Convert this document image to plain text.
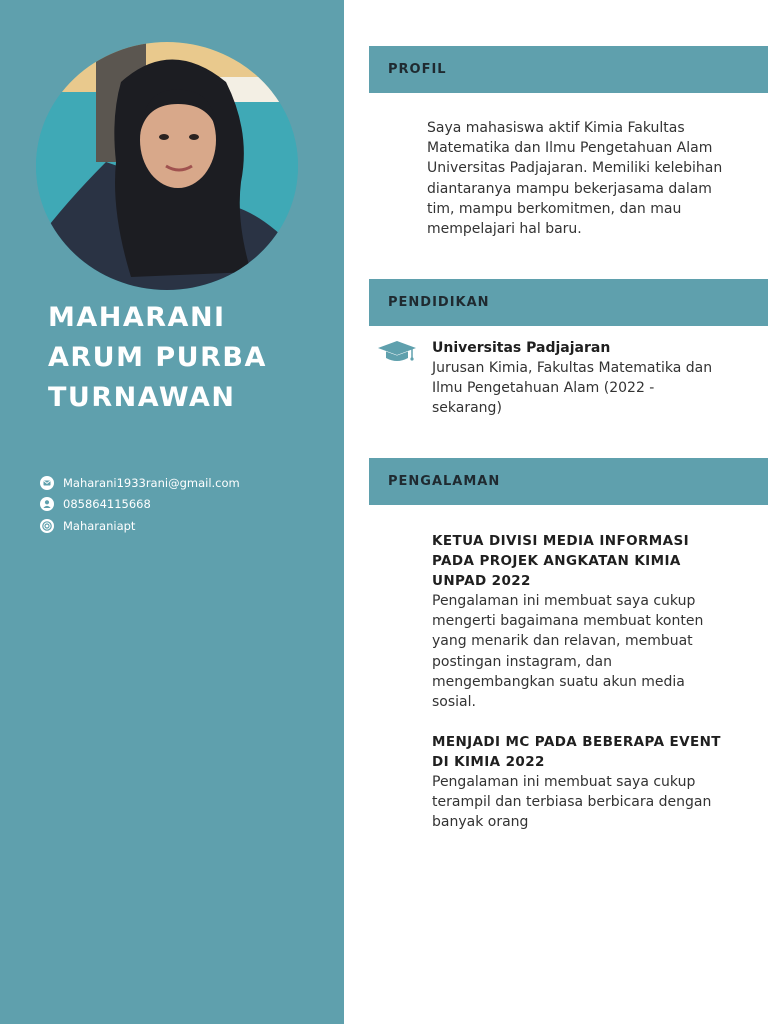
MAHARANI
ARUM PURBA
TURNAWAN
Maharani1933rani@gmail.com
085864115668
Maharaniapt
PROFIL

Saya mahasiswa aktif Kimia Fakultas Matematika dan Ilmu Pengetahuan Alam Universitas Padjajaran. Memiliki kelebihan diantaranya mampu bekerjasama dalam tim, mampu berkomitmen, dan mau mempelajari hal baru.

PENDIDIKAN
Universitas Padjajaran
Jurusan Kimia, Fakultas Matematika dan Ilmu Pengetahuan Alam (2022 - sekarang)
PENGALAMAN
KETUA DIVISI MEDIA INFORMASI PADA PROJEK ANGKATAN KIMIA UNPAD 2022
Pengalaman ini membuat saya cukup mengerti bagaimana membuat konten yang menarik dan relavan, membuat postingan instagram, dan mengembangkan suatu akun media sosial.
MENJADI MC PADA BEBERAPA EVENT DI KIMIA 2022
Pengalaman ini membuat saya cukup terampil dan terbiasa berbicara dengan banyak orang
